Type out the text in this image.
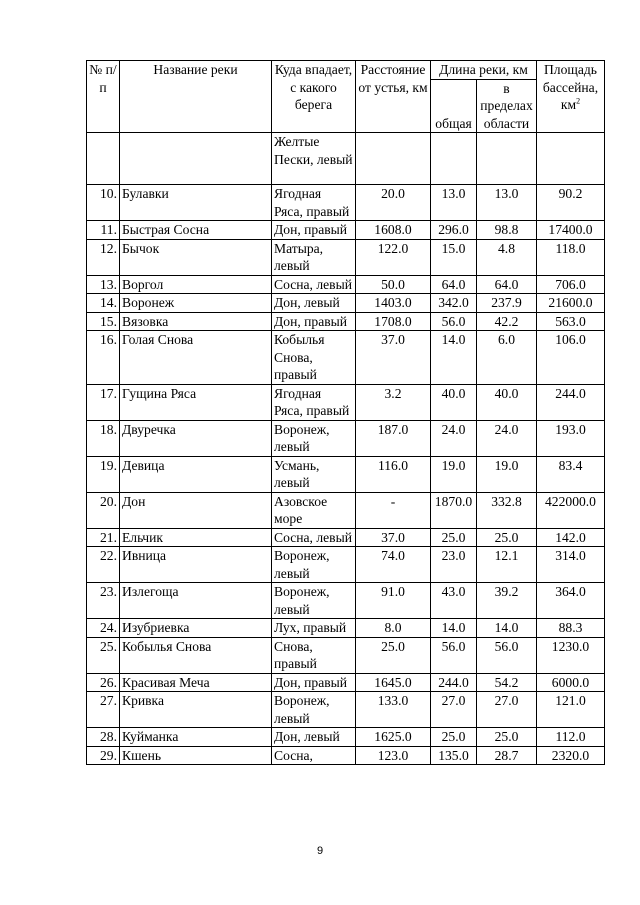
№ п/п	Название реки	Куда впадает, с какого берега	Расстояние от устья, км	Длина реки, км		Площадь бассейна, $км^2$
				общая	в пределах области	
		Желтые Пески, левый				
10.	Булавки	Ягодная Ряса, правый	20.0	13.0	13.0	90.2
11.	Быстрая Сосна	Дон, правый	1608.0	296.0	98.8	17400.0
12.	Бычок	Матыра, левый	122.0	15.0	4.8	118.0
13.	Воргол	Сосна, левый	50.0	64.0	64.0	706.0
14.	Воронеж	Дон, левый	1403.0	342.0	237.9	21600.0
15.	Вязовка	Дон, правый	1708.0	56.0	42.2	563.0
16.	Голая Снова	Кобылья Снова, правый	37.0	14.0	6.0	106.0
17.	Гущина Ряса	Ягодная Ряса, правый	3.2	40.0	40.0	244.0
18.	Двуречка	Воронеж, левый	187.0	24.0	24.0	193.0
19.	Девица	Усмань, левый	116.0	19.0	19.0	83.4
20.	Дон	Азовское море	-	1870.0	332.8	422000.0
21.	Ельчик	Сосна, левый	37.0	25.0	25.0	142.0
22.	Ивница	Воронеж, левый	74.0	23.0	12.1	314.0
23.	Излегоща	Воронеж, левый	91.0	43.0	39.2	364.0
24.	Изубриевка	Лух, правый	8.0	14.0	14.0	88.3
25.	Кобылья Снова	Снова, правый	25.0	56.0	56.0	1230.0
26.	Красивая Меча	Дон, правый	1645.0	244.0	54.2	6000.0
27.	Кривка	Воронеж, левый	133.0	27.0	27.0	121.0
28.	Куйманка	Дон, левый	1625.0	25.0	25.0	112.0
29.	Кшень	Сосна,	123.0	135.0	28.7	2320.0
9
